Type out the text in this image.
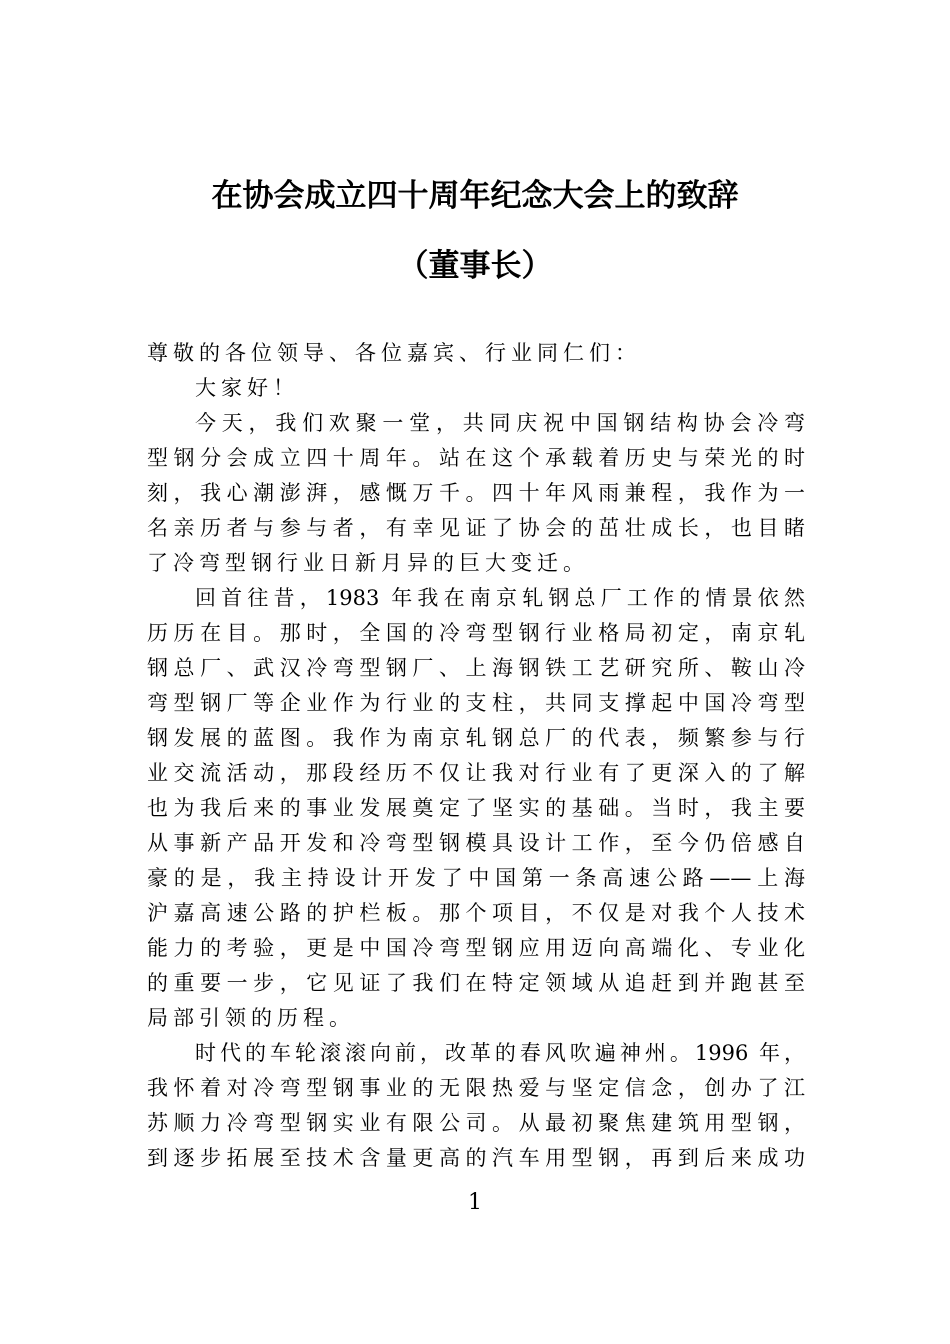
在协会成立四十周年纪念大会上的致辞
（董事长）
尊敬的各位领导、各位嘉宾、行业同仁们：
大家好！
今天，我们欢聚一堂，共同庆祝中国钢结构协会冷弯
型钢分会成立四十周年。站在这个承载着历史与荣光的时
刻，我心潮澎湃，感慨万千。四十年风雨兼程，我作为一
名亲历者与参与者，有幸见证了协会的茁壮成长，也目睹
了冷弯型钢行业日新月异的巨大变迁。
回首往昔，1983 年我在南京轧钢总厂工作的情景依然
历历在目。那时，全国的冷弯型钢行业格局初定，南京轧
钢总厂、武汉冷弯型钢厂、上海钢铁工艺研究所、鞍山冷
弯型钢厂等企业作为行业的支柱，共同支撑起中国冷弯型
钢发展的蓝图。我作为南京轧钢总厂的代表，频繁参与行
业交流活动，那段经历不仅让我对行业有了更深入的了解
也为我后来的事业发展奠定了坚实的基础。当时，我主要
从事新产品开发和冷弯型钢模具设计工作，至今仍倍感自
豪的是，我主持设计开发了中国第一条高速公路——上海
沪嘉高速公路的护栏板。那个项目，不仅是对我个人技术
能力的考验，更是中国冷弯型钢应用迈向高端化、专业化
的重要一步，它见证了我们在特定领域从追赶到并跑甚至
局部引领的历程。
时代的车轮滚滚向前，改革的春风吹遍神州。1996 年，
我怀着对冷弯型钢事业的无限热爱与坚定信念，创办了江
苏顺力冷弯型钢实业有限公司。从最初聚焦建筑用型钢，
到逐步拓展至技术含量更高的汽车用型钢，再到后来成功
1
